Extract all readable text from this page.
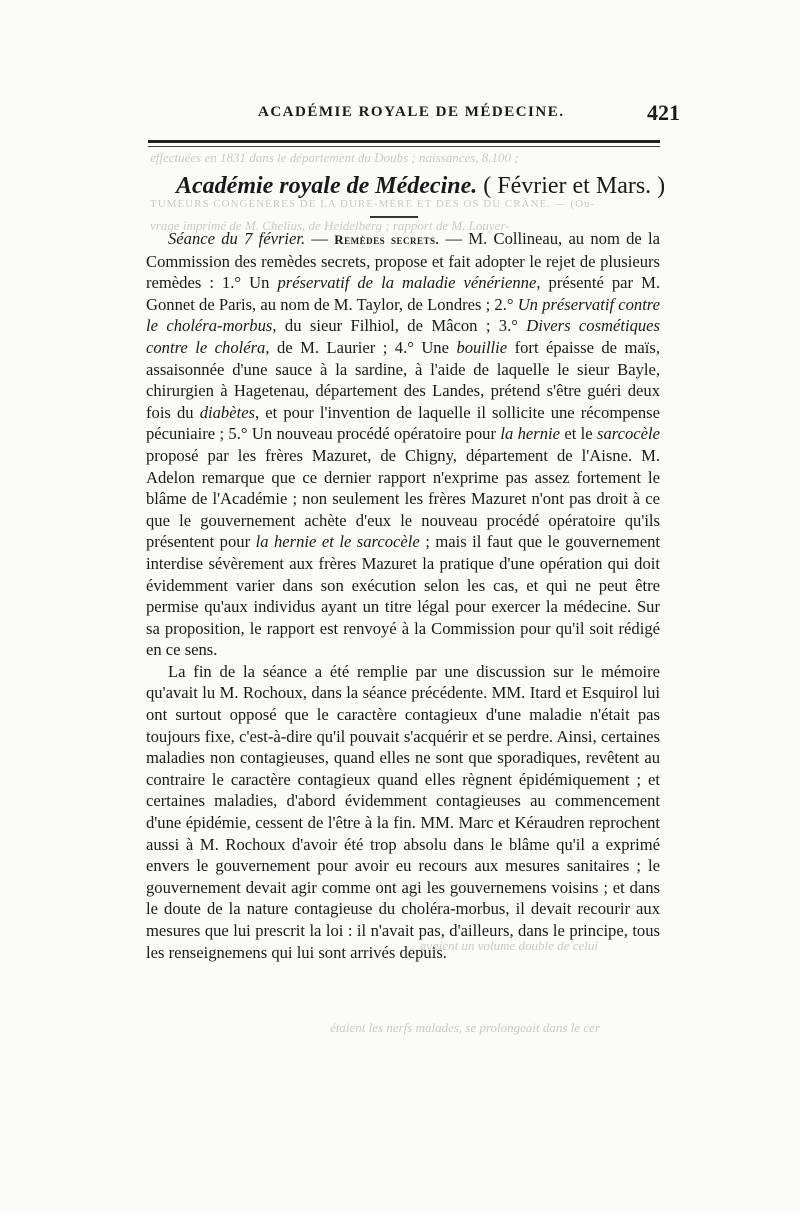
effectuées en 1831 dans le département du Doubs ; naissances, 8,100 ;
TUMEURS CONGÉNÈRES DE LA DURE-MÈRE ET DES OS DU CRÂNE. — (Ou-
vrage imprimé de M. Chelius, de Heidelberg ; rapport de M. Louyer-
avaient un volume double de celui
étaient les nerfs malades, se prolongeait dans le cer
ACADÉMIE ROYALE DE MÉDECINE.	421
Académie royale de Médecine. ( Février et Mars. )

Séance du 7 février. — Remèdes secrets. — M. Collineau, au nom de la Commission des remèdes secrets, propose et fait adopter le rejet de plusieurs remèdes : 1.° Un préservatif de la maladie vénérienne, présenté par M. Gonnet de Paris, au nom de M. Taylor, de Londres ; 2.° Un préservatif contre le choléra-morbus, du sieur Filhiol, de Mâcon ; 3.° Divers cosmétiques contre le choléra, de M. Laurier ; 4.° Une bouillie fort épaisse de maïs, assaisonnée d'une sauce à la sardine, à l'aide de laquelle le sieur Bayle, chirurgien à Hagetenau, département des Landes, prétend s'être guéri deux fois du diabètes, et pour l'invention de laquelle il sollicite une récompense pécuniaire ; 5.° Un nouveau procédé opératoire pour la hernie et le sarcocèle proposé par les frères Mazuret, de Chigny, département de l'Aisne. M. Adelon remarque que ce dernier rapport n'exprime pas assez fortement le blâme de l'Académie ; non seulement les frères Mazuret n'ont pas droit à ce que le gouvernement achète d'eux le nouveau procédé opératoire qu'ils présentent pour la hernie et le sarcocèle ; mais il faut que le gouvernement interdise sévèrement aux frères Mazuret la pratique d'une opération qui doit évidemment varier dans son exécution selon les cas, et qui ne peut être permise qu'aux individus ayant un titre légal pour exercer la médecine. Sur sa proposition, le rapport est renvoyé à la Commission pour qu'il soit rédigé en ce sens.

La fin de la séance a été remplie par une discussion sur le mémoire qu'avait lu M. Rochoux, dans la séance précédente. MM. Itard et Esquirol lui ont surtout opposé que le caractère contagieux d'une maladie n'était pas toujours fixe, c'est-à-dire qu'il pouvait s'acquérir et se perdre. Ainsi, certaines maladies non contagieuses, quand elles ne sont que sporadiques, revêtent au contraire le caractère contagieux quand elles règnent épidémiquement ; et certaines maladies, d'abord évidemment contagieuses au commencement d'une épidémie, cessent de l'être à la fin. MM. Marc et Kéraudren reprochent aussi à M. Rochoux d'avoir été trop absolu dans le blâme qu'il a exprimé envers le gouvernement pour avoir eu recours aux mesures sanitaires ; le gouvernement devait agir comme ont agi les gouvernemens voisins ; et dans le doute de la nature contagieuse du choléra-morbus, il devait recourir aux mesures que lui prescrit la loi : il n'avait pas, d'ailleurs, dans le principe, tous les renseignemens qui lui sont arrivés depuis.
